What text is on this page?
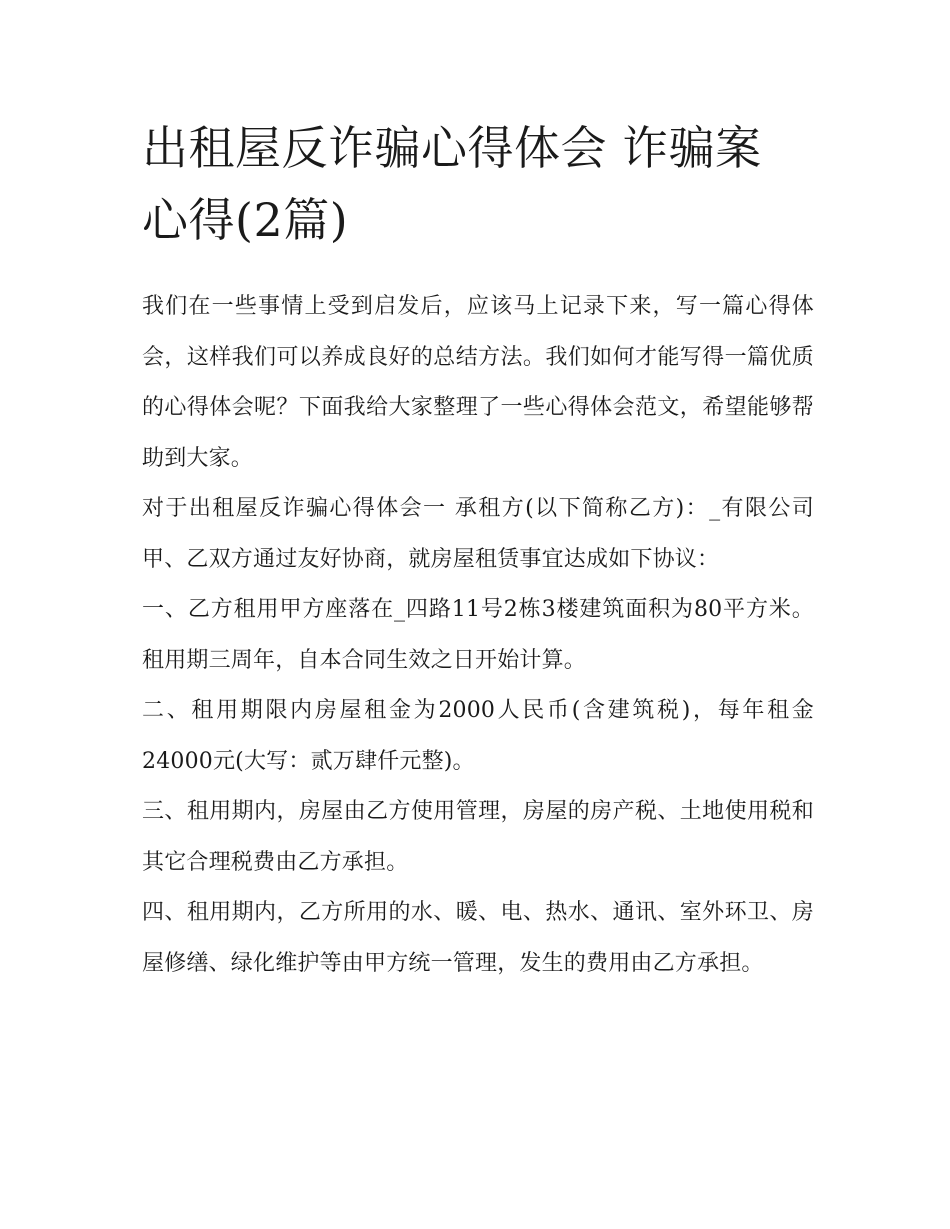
出租屋反诈骗心得体会 诈骗案
心得(2篇)

我们在一些事情上受到启发后，应该马上记录下来，写一篇心得体会，这样我们可以养成良好的总结方法。我们如何才能写得一篇优质的心得体会呢？下面我给大家整理了一些心得体会范文，希望能够帮助到大家。

对于出租屋反诈骗心得体会一 承租方(以下简称乙方)：_有限公司 甲、乙双方通过友好协商，就房屋租赁事宜达成如下协议：

一、乙方租用甲方座落在_四路11号2栋3楼建筑面积为80平方米。租用期三周年，自本合同生效之日开始计算。

二、租用期限内房屋租金为2000人民币(含建筑税)，每年租金24000元(大写：贰万肆仟元整)。

三、租用期内，房屋由乙方使用管理，房屋的房产税、土地使用税和其它合理税费由乙方承担。

四、租用期内，乙方所用的水、暖、电、热水、通讯、室外环卫、房屋修缮、绿化维护等由甲方统一管理，发生的费用由乙方承担。
